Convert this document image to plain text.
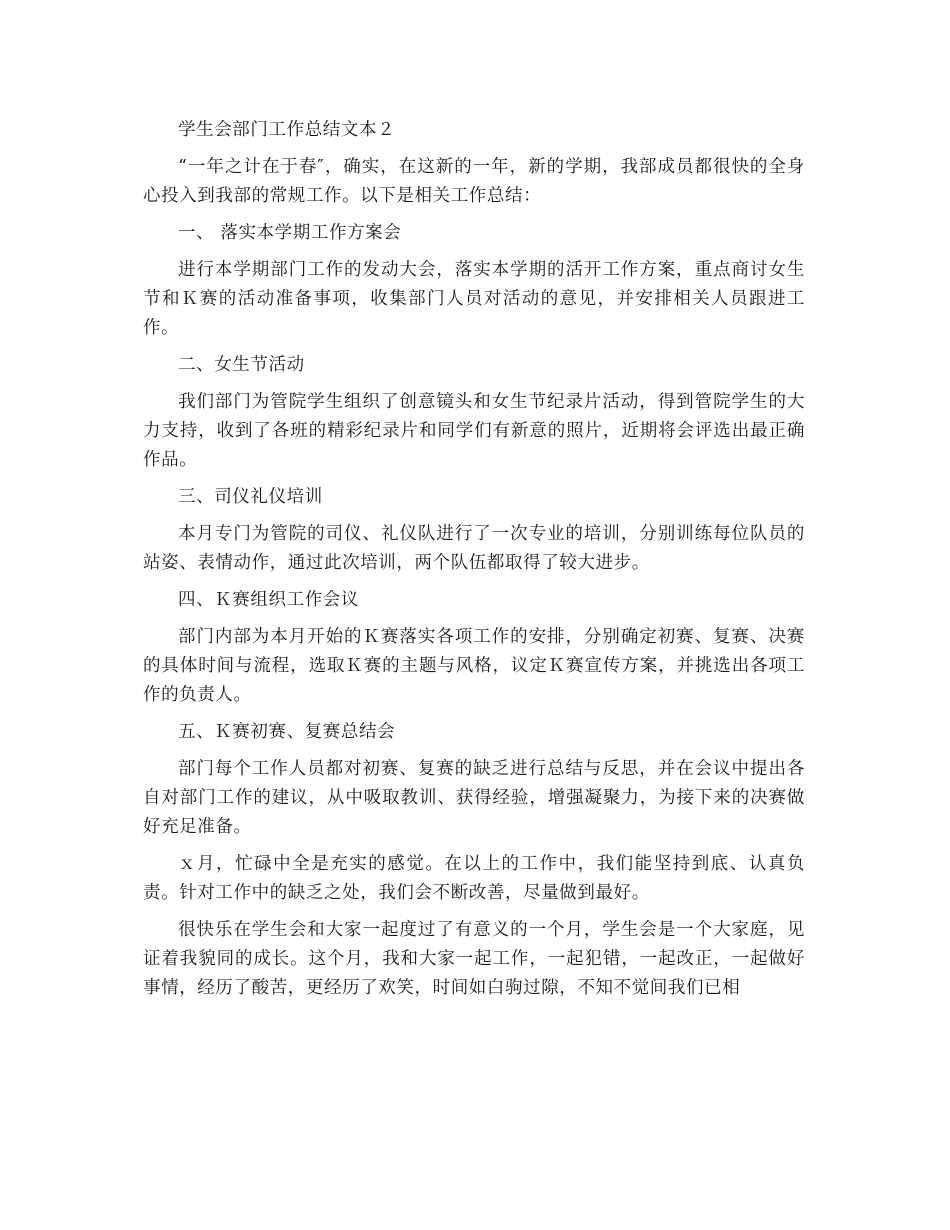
学生会部门工作总结文本２

“一年之计在于春″，确实，在这新的一年，新的学期，我部成员都很快的全身心投入到我部的常规工作。以下是相关工作总结：

一、 落实本学期工作方案会

进行本学期部门工作的发动大会，落实本学期的活开工作方案，重点商讨女生节和Ｋ赛的活动准备事项，收集部门人员对活动的意见，并安排相关人员跟进工作。

二、女生节活动

我们部门为管院学生组织了创意镜头和女生节纪录片活动，得到管院学生的大力支持，收到了各班的精彩纪录片和同学们有新意的照片，近期将会评选出最正确作品。

三、司仪礼仪培训

本月专门为管院的司仪、礼仪队进行了一次专业的培训，分别训练每位队员的站姿、表情动作，通过此次培训，两个队伍都取得了较大进步。

四、Ｋ赛组织工作会议

部门内部为本月开始的Ｋ赛落实各项工作的安排，分别确定初赛、复赛、决赛的具体时间与流程，选取Ｋ赛的主题与风格，议定Ｋ赛宣传方案，并挑选出各项工作的负责人。

五、Ｋ赛初赛、复赛总结会

部门每个工作人员都对初赛、复赛的缺乏进行总结与反思，并在会议中提出各自对部门工作的建议，从中吸取教训、获得经验，增强凝聚力，为接下来的决赛做好充足准备。

ｘ月，忙碌中全是充实的感觉。在以上的工作中，我们能坚持到底、认真负责。针对工作中的缺乏之处，我们会不断改善，尽量做到最好。

很快乐在学生会和大家一起度过了有意义的一个月，学生会是一个大家庭，见证着我貌同的成长。这个月，我和大家一起工作，一起犯错，一起改正，一起做好事情，经历了酸苦，更经历了欢笑，时间如白驹过隙，不知不觉间我们已相
